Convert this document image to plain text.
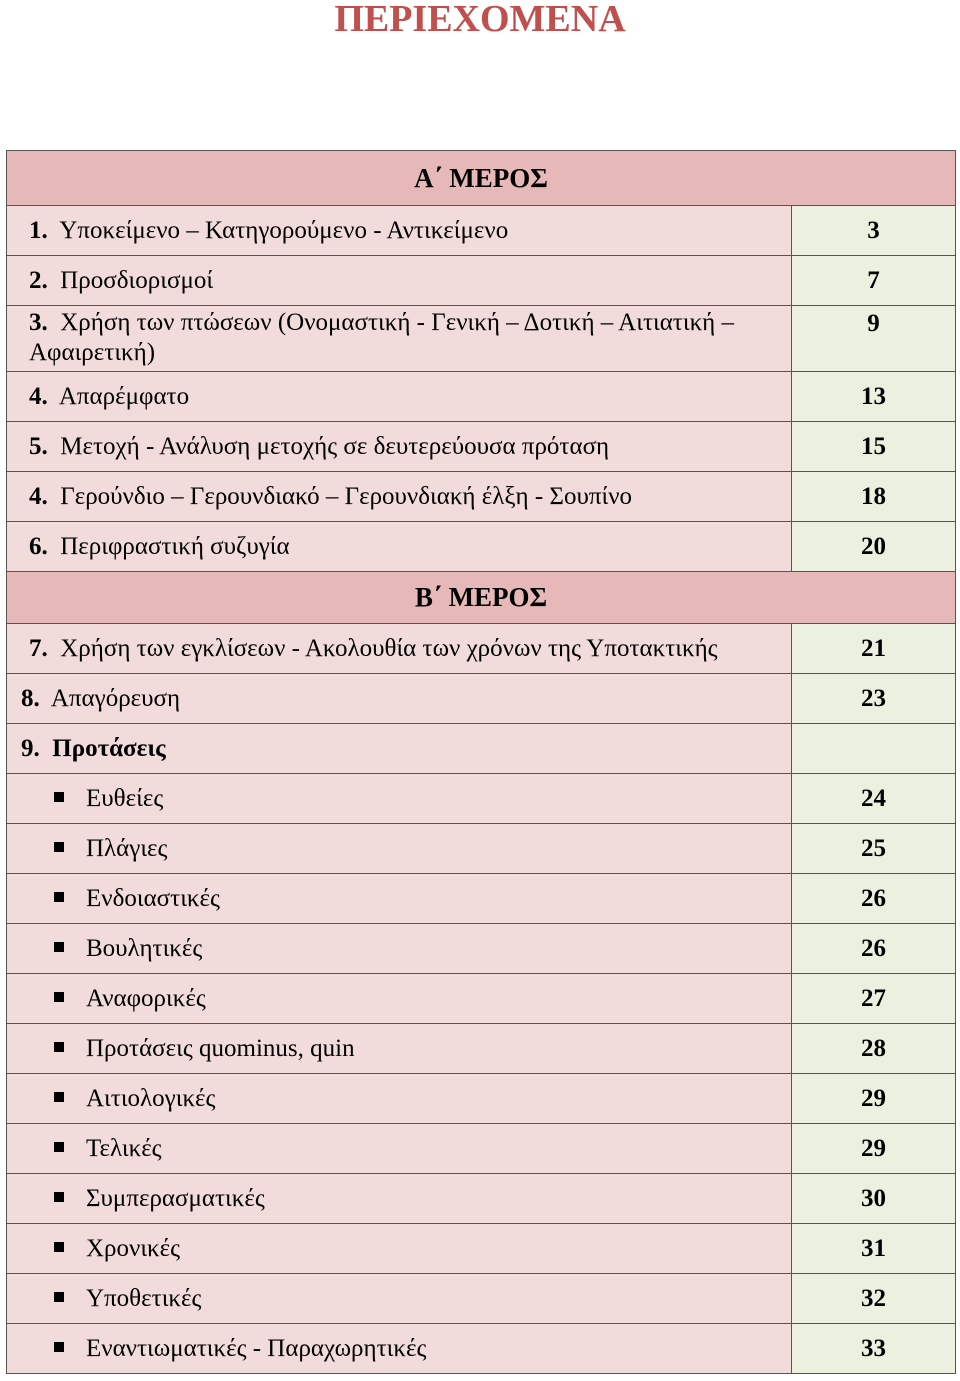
ΠΕΡΙΕΧΟΜΕΝΑ
Α΄ ΜΕΡΟΣ	
1. Υποκείμενο – Κατηγορούμενο - Αντικείμενο	3
2. Προσδιορισμοί	7
3. Χρήση των πτώσεων (Ονομαστική - Γενική – Δοτική – Αιτιατική – Αφαιρετική)	9
4. Απαρέμφατο	13
5. Μετοχή - Ανάλυση μετοχής σε δευτερεύουσα πρόταση	15
4. Γερούνδιο – Γερουνδιακό – Γερουνδιακή έλξη - Σουπίνο	18
6. Περιφραστική συζυγία	20
Β΄ ΜΕΡΟΣ	
7. Χρήση των εγκλίσεων - Ακολουθία των χρόνων της Υποτακτικής	21
8. Απαγόρευση	23
9. Προτάσεις	
Ευθείες	24
Πλάγιες	25
Ενδοιαστικές	26
Βουλητικές	26
Αναφορικές	27
Προτάσεις quominus, quin	28
Αιτιολογικές	29
Τελικές	29
Συμπερασματικές	30
Χρονικές	31
Υποθετικές	32
Εναντιωματικές - Παραχωρητικές	33
